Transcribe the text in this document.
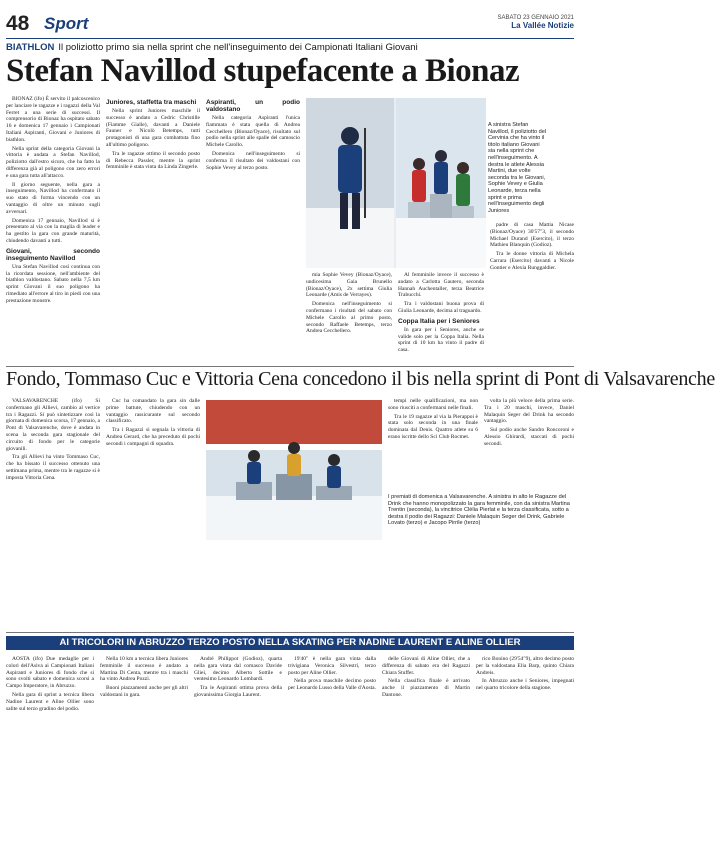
48 Sport	SABATO 23 GENNAIO 2021
La Vallée Notizie
BIATHLON Il poliziotto primo sia nella sprint che nell'inseguimento dei Campionati Italiani Giovani
Stefan Navillod stupefacente a Bionaz

BIONAZ (ifo) È servito il palcoscenico per lanciare le ragazze e i ragazzi della Val Ferret a una serie di successi. Il comprensorio di Bionaz ha ospitato sabato 16 e domenica 17 gennaio i Campionati Italiani Aspiranti, Giovani e Juniores di biathlon.

Nella sprint della categoria Giovani la vittoria è andata a Stefan Navillod, poliziotto dall'estro sicuro, che ha fatto la differenza già al poligono con zero errori e una gara tutta all'attacco.

Il giorno seguente, nella gara a inseguimento, Navillod ha confermato il suo stato di forma vincendo con un vantaggio di oltre un minuto sugli avversari.

Domenica 17 gennaio, Navillod si è presentato al via con la maglia di leader e ha gestito la gara con grande maturità, chiudendo davanti a tutti.

Giovani, secondo inseguimento Navillod

Una Stefan Navillod così continua con la ricordata sessione, nell'ambiente del biathlon valdostano. Sabato nella 7,5 km sprint Giovani il suo poligono ha rimediato all'errore al tiro in piedi con una prestazione monstre.

Juniores, staffetta tra maschi

Nella sprint Juniores maschile il successo è andato a Cedric Christille (Fiamme Gialle), davanti a Daniele Fauner e Nicolò Betemps, tutti protagonisti di una gara combattuta fino all'ultimo poligono.

Tra le ragazze ottimo il secondo posto di Rebecca Passler, mentre la sprint femminile è stata vinta da Linda Zingerle.

Aspiranti, un podio valdostano

Nella categoria Aspiranti l'unica fiammata è stata quella di Andrea Cecchellero (Bionaz/Oyace), risultato sul podio nella sprint alle spalle del camoscio Michele Carollo.

Domenica nell'inseguimento si conferma il risultato dei valdostani con Sophie Vevey al terzo posto.

A sinistra Stefan Navillod, il poliziotto del Cervinia che ha vinto il titolo italiano Giovani sia nella sprint che nell'inseguimento. A destra le atlete Alessia Martini, due volte seconda tra le Giovani, Sophie Vevey e Giulia Leonarde, terza nella sprint e prima nell'inseguimento degli Juniores

mia Sophie Vevey (Bionaz/Oyace), undicesima Gaia Brunello (Bionaz/Oyace), 2x settima Giulia Leonarde (Amis de Verrayes).

Domenica nell'inseguimento si confermano i risultati del sabato con Michele Carollo al primo posto, secondo Raffaele Betemps, terzo Andrea Cecchellero.

Al femminile invece il successo è andato a Carlotta Gautero, seconda Hannah Auchentaller, terza Beatrice Trabucchi.

Tra i valdostani buona prova di Giulia Leonarde, decima al traguardo.

Coppa Italia per i Seniores

In gara per i Seniores, anche se valide solo per la Coppa Italia. Nella sprint di 10 km ha vinto il padre di casa.

padre di casa Mattia Nicase (Bionaz/Oyace) 30'57"3, il secondo Michael Durand (Esercito), il terzo Mathieu Blanquin (Godioz).

Tra le donne vittoria di Michela Carrara (Esercito) davanti a Nicole Gontier e Alexia Runggaldier.

Fondo, Tommaso Cuc e Vittoria Cena concedono il bis nella sprint di Pont di Valsavarenche

VALSAVARENCHE (ifo) Si confermano gli Allievi, cambio al vertice tra i Ragazzi. Si può sintetizzare così la giornata di domenica scorsa, 17 gennaio, a Pont di Valsavarenche, dove è andata in scena la seconda gara stagionale del circuito di fondo per le categorie giovanili.

Tra gli Allievi ha vinto Tommaso Cuc, che ha bissato il successo ottenuto una settimana prima, mentre tra le ragazze si è imposta Vittoria Cena.

Cuc ha comandato la gara sin dalle prime battute, chiudendo con un vantaggio rassicurante sul secondo classificato.

Tra i Ragazzi si segnala la vittoria di Andrea Gerard, che ha preceduto di pochi secondi i compagni di squadra.

tempi nelle qualificazioni, ma non sono riusciti a confermarsi nelle finali.

Tra le 19 ragazze al via la Pierappoi è stata solo seconda in una finale dominata dal Denis. Quattro atlete su 6 erano iscritte dello Sci Club Rocmet.

volta la più veloce della prima serie. Tra i 20 maschi, invece, Daniel Malaquin Seger del Drink ha secondo vantaggio.

Sul podio anche Sandro Roncoroni e Alessio Ghirardi, staccati di pochi secondi.

I premiati di domenica a Valsavarenche. A sinistra in alto le Ragazze del Drink che hanno monopolizzato la gara femminile, con da sinistra Martina Trentin (seconda), la vincitrice Clèlia Pierlat e la terza classificata, sotto a destra il podio dei Ragazzi: Daniele Malaquin Seger del Drink, Gabriele Lovato (terzo) e Jacopo Pirrile (terzo)
AI TRICOLORI IN ABRUZZO TERZO POSTO NELLA SKATING PER NADINE LAURENT E ALINE OLLIER

AOSTA (ifo) Due medaglie per i colori dell'Asiva ai Campionati Italiani Aspiranti e Juniores di fondo che si sono svolti sabato e domenica scorsi a Campo Imperatore, in Abruzzo.

Nella gara di sprint a tecnica libera Nadine Laurent e Aline Ollier sono salite sul terzo gradino del podio.

Nella 10 km a tecnica libera Juniores femminile il successo è andato a Martina Di Centa, mentre tra i maschi ha vinto Andrea Pozzi.

Buoni piazzamenti anche per gli altri valdostani in gara.

André Philippot (Godioz), quarta nella gara vinta dal comasco Davide Glieì, decimo Alberto Sottile e ventesimo Leonardo Lombardi.

Tra le Aspiranti ottima prova della giovanissima Giorgia Laurent.

19'40" è nella gara vinta dalla trivigiana Veronica Silvestri, terzo posto per Aline Ollier.

Nella prova maschile decimo posto per Leonardo Lusso della Valle d'Aosta.

delle Giovani di Aline Ollier, che a differenza di sabato era del Ragazzi Chiara Stuffer.

Nella classifica finale è arrivato anche il piazzamento di Martin Dantone.

rico Bonino (29'54"9), altro decimo posto per la valdostana Elia Barp, quinto Chiara Andreis.

In Abruzzo anche i Seniores, impegnati nel quarto tricolore della stagione.
